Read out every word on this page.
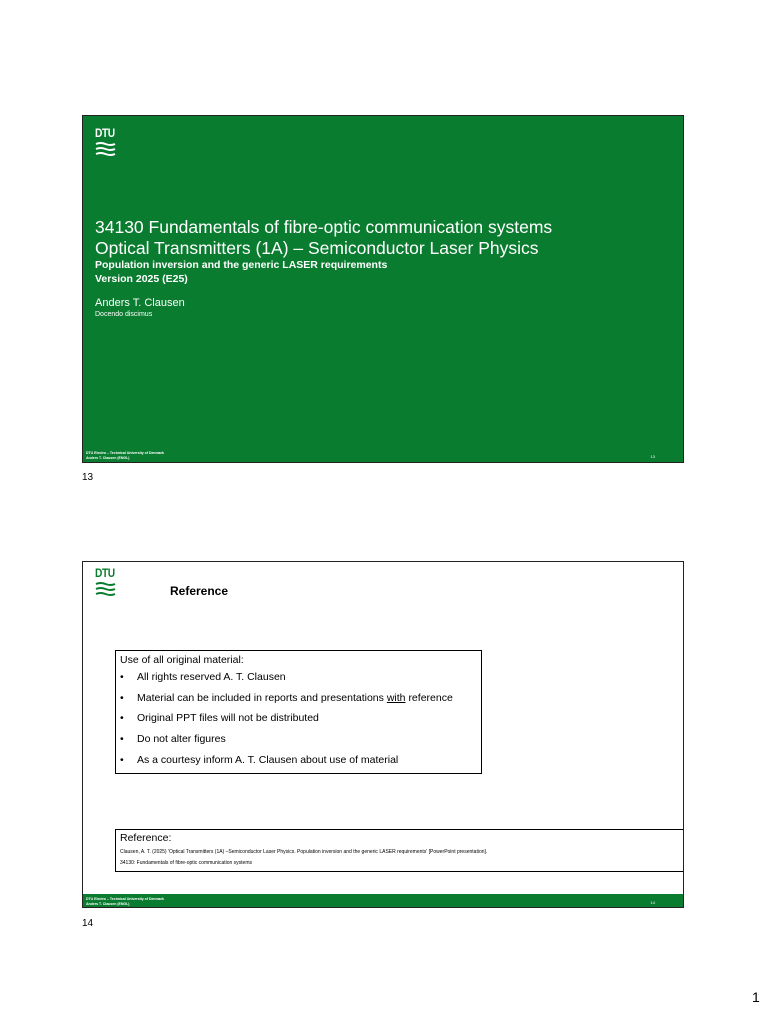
DTU
34130 Fundamentals of fibre-optic communication systems
Optical Transmitters (1A) – Semiconductor Laser Physics
Population inversion and the generic LASER requirements
Version 2025 (E25)
Anders T. Clausen
Docendo discimus
DTU Electro – Technical University of Denmark
Anders T. Clausen (ENGL)	13
13
DTU
Reference
Use of all original material:
• All rights reserved A. T. Clausen
• Material can be included in reports and presentations with reference
• Original PPT files will not be distributed
• Do not alter figures
• As a courtesy inform A. T. Clausen about use of material
Reference:
Clausen, A. T. (2025) 'Optical Transmitters (1A) –Semiconductor Laser Physics. Population inversion and the generic LASER requirements' [PowerPoint presentation].
34130: Fundamentals of fibre-optic communication systems
DTU Electro – Technical University of Denmark
Anders T. Clausen (ENGL)	14
14
1
